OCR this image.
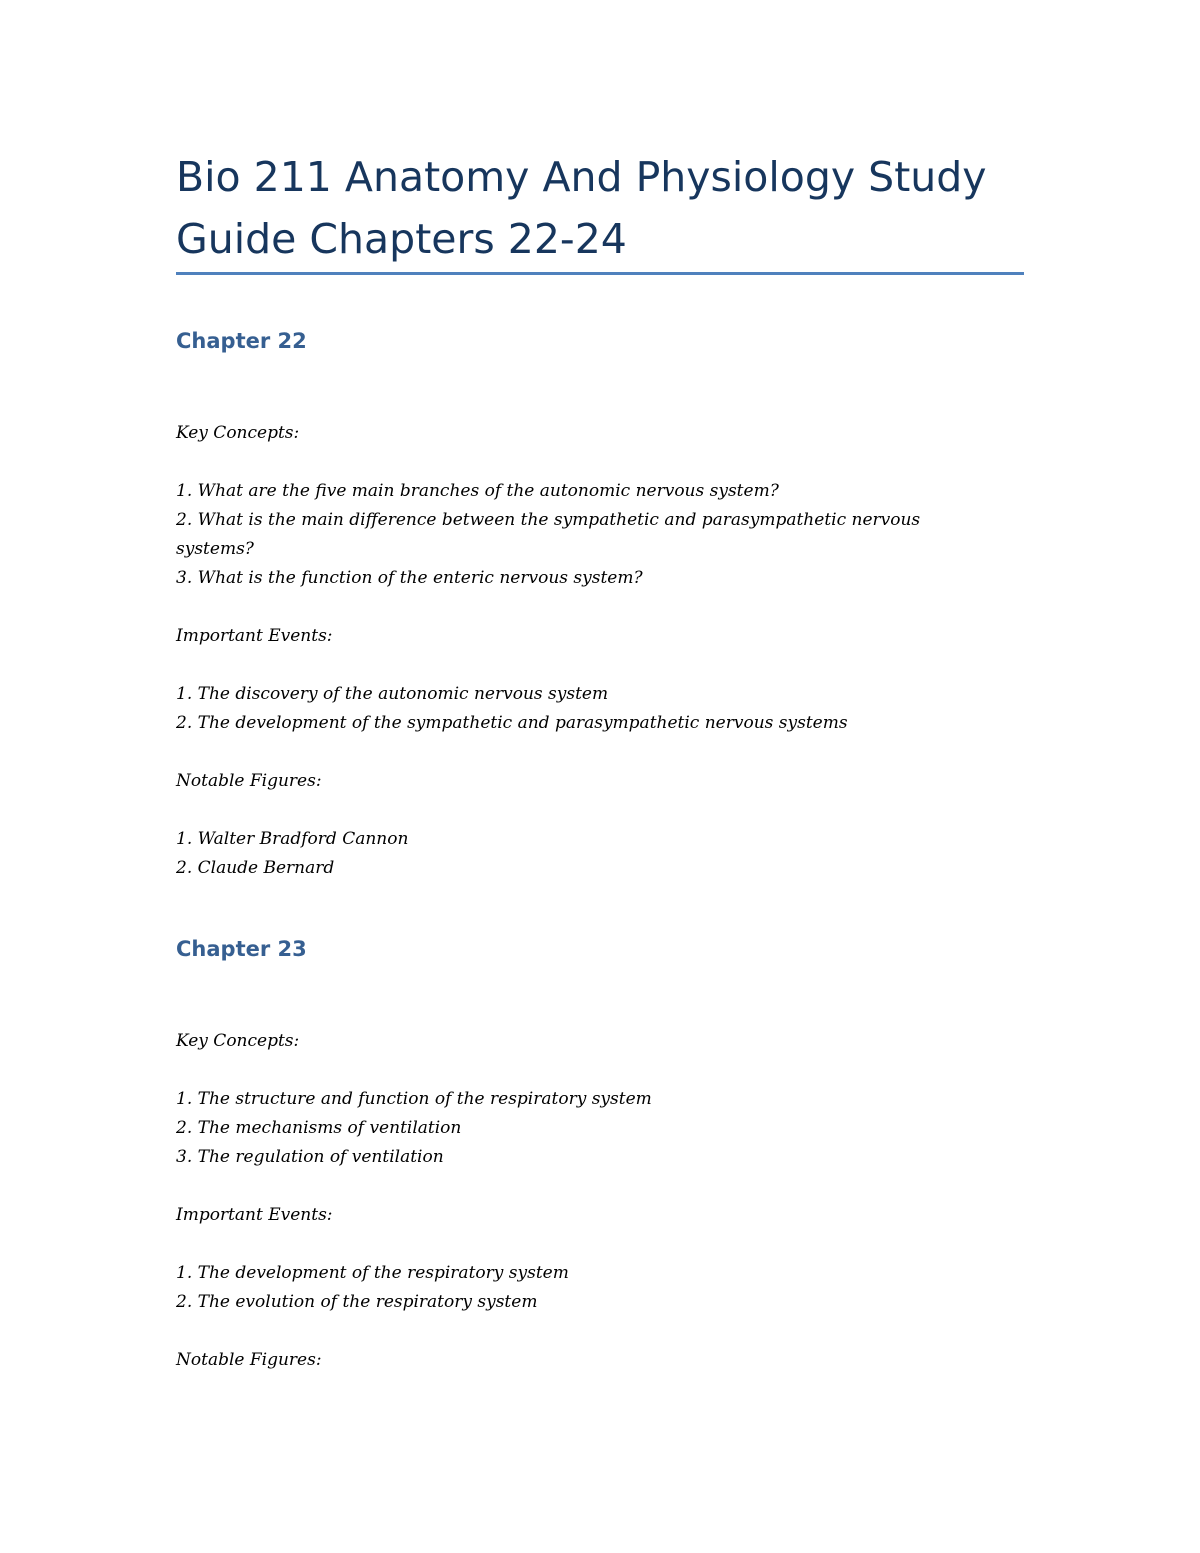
Bio 211 Anatomy And Physiology Study
Guide Chapters 22-24
Chapter 22
Key Concepts:
1. What are the five main branches of the autonomic nervous system?
2. What is the main difference between the sympathetic and parasympathetic nervous
systems?
3. What is the function of the enteric nervous system?
Important Events:
1. The discovery of the autonomic nervous system
2. The development of the sympathetic and parasympathetic nervous systems
Notable Figures:
1. Walter Bradford Cannon
2. Claude Bernard
Chapter 23
Key Concepts:
1. The structure and function of the respiratory system
2. The mechanisms of ventilation
3. The regulation of ventilation
Important Events:
1. The development of the respiratory system
2. The evolution of the respiratory system
Notable Figures:
